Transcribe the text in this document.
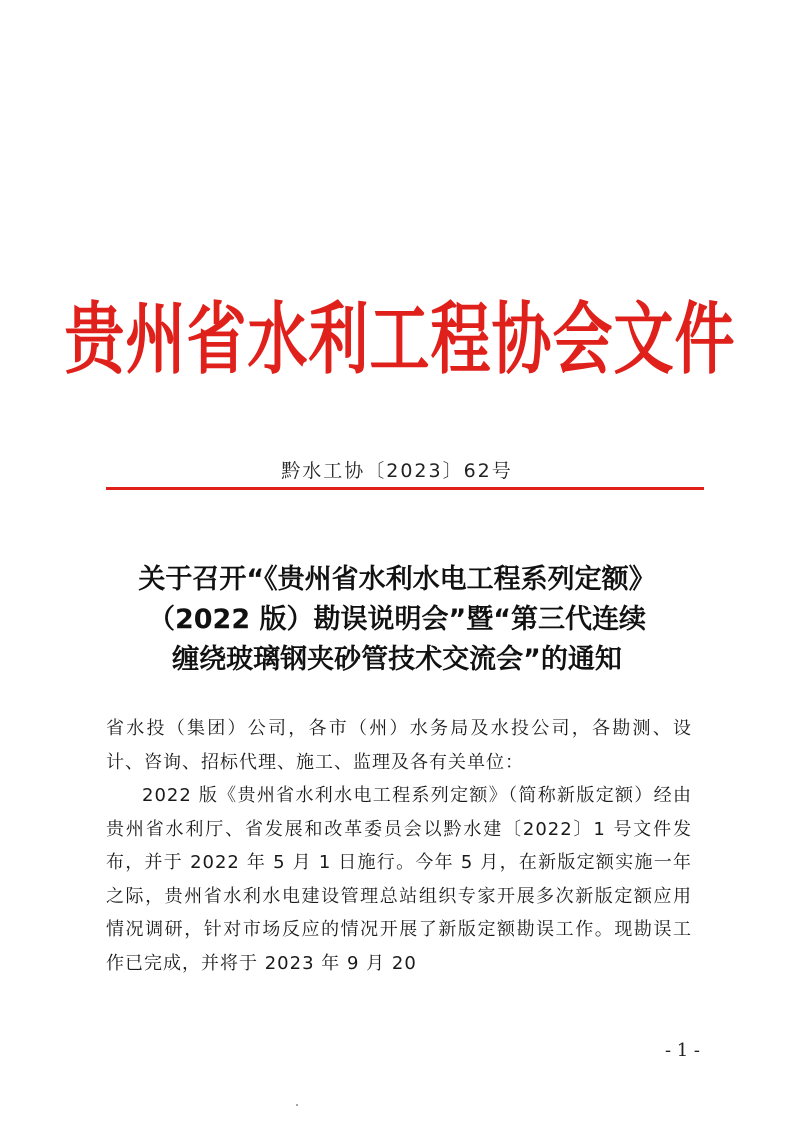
贵州省水利工程协会文件
黔水工协〔2023〕62号
关于召开“《贵州省水利水电工程系列定额》
（2022 版）勘误说明会”暨“第三代连续
缠绕玻璃钢夹砂管技术交流会”的通知

省水投（集团）公司，各市（州）水务局及水投公司，各勘测、设计、咨询、招标代理、施工、监理及各有关单位：

2022 版《贵州省水利水电工程系列定额》（简称新版定额）经由贵州省水利厅、省发展和改革委员会以黔水建〔2022〕1 号文件发布，并于 2022 年 5 月 1 日施行。今年 5 月，在新版定额实施一年之际，贵州省水利水电建设管理总站组织专家开展多次新版定额应用情况调研，针对市场反应的情况开展了新版定额勘误工作。现勘误工作已完成，并将于 2023 年 9 月 20

- 1 -
